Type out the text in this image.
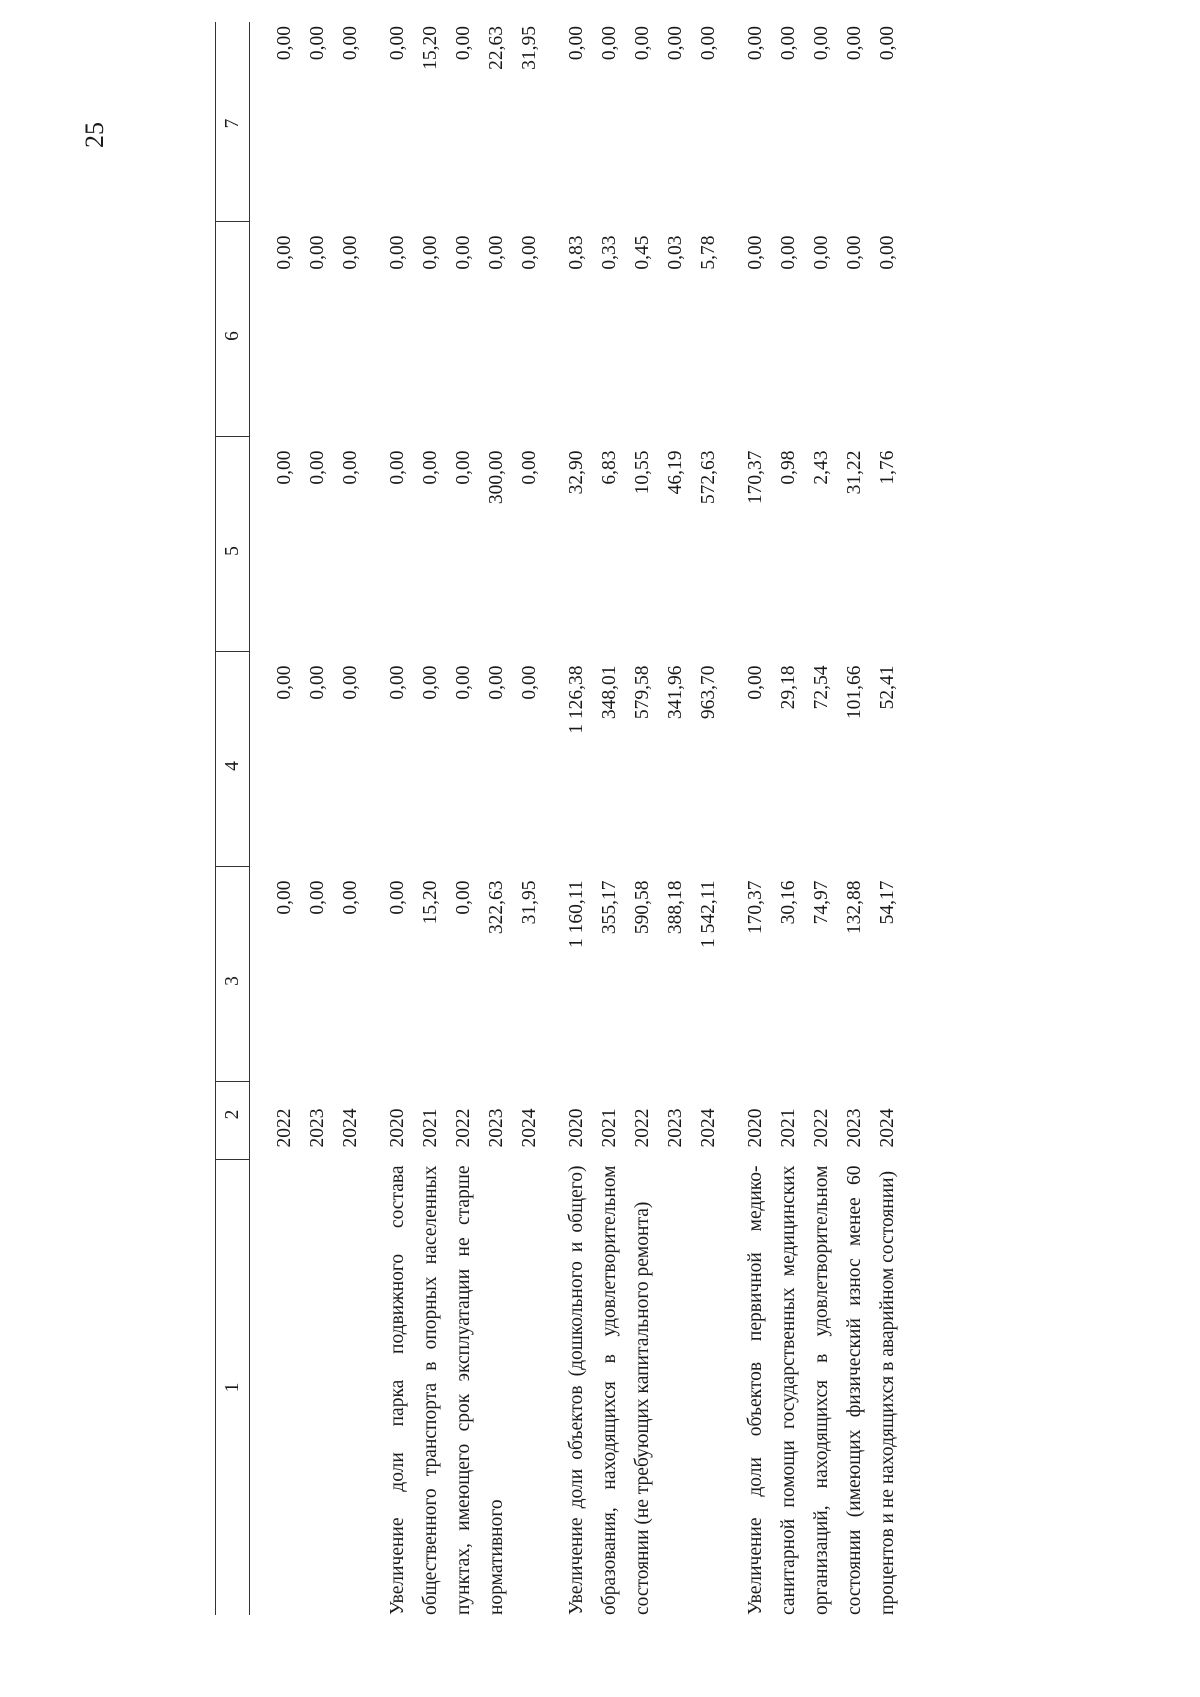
25
1	2	3	4	5	6	7

	2022	0,00	0,00	0,00	0,00	0,00
	2023	0,00	0,00	0,00	0,00	0,00
	2024	0,00	0,00	0,00	0,00	0,00

Увеличение доли парка подвижного состава общественного транспорта в опорных населенных пунктах, имеющего срок эксплуатации не старше нормативного	2020	0,00	0,00	0,00	0,00	0,00
	2021	15,20	0,00	0,00	0,00	15,20
	2022	0,00	0,00	0,00	0,00	0,00
	2023	322,63	0,00	300,00	0,00	22,63
	2024	31,95	0,00	0,00	0,00	31,95

Увеличение доли объектов (дошкольного и общего) образования, находящихся в удовлетворительном состоянии (не требующих капитального ремонта)	2020	1 160,11	1 126,38	32,90	0,83	0,00
	2021	355,17	348,01	6,83	0,33	0,00
	2022	590,58	579,58	10,55	0,45	0,00
	2023	388,18	341,96	46,19	0,03	0,00
	2024	1 542,11	963,70	572,63	5,78	0,00

Увеличение доли объектов первичной медико-санитарной помощи государственных медицинских организаций, находящихся в удовлетворительном состоянии (имеющих физический износ менее 60 процентов и не находящихся в аварийном состоянии)	2020	170,37	0,00	170,37	0,00	0,00
	2021	30,16	29,18	0,98	0,00	0,00
	2022	74,97	72,54	2,43	0,00	0,00
	2023	132,88	101,66	31,22	0,00	0,00
	2024	54,17	52,41	1,76	0,00	0,00
